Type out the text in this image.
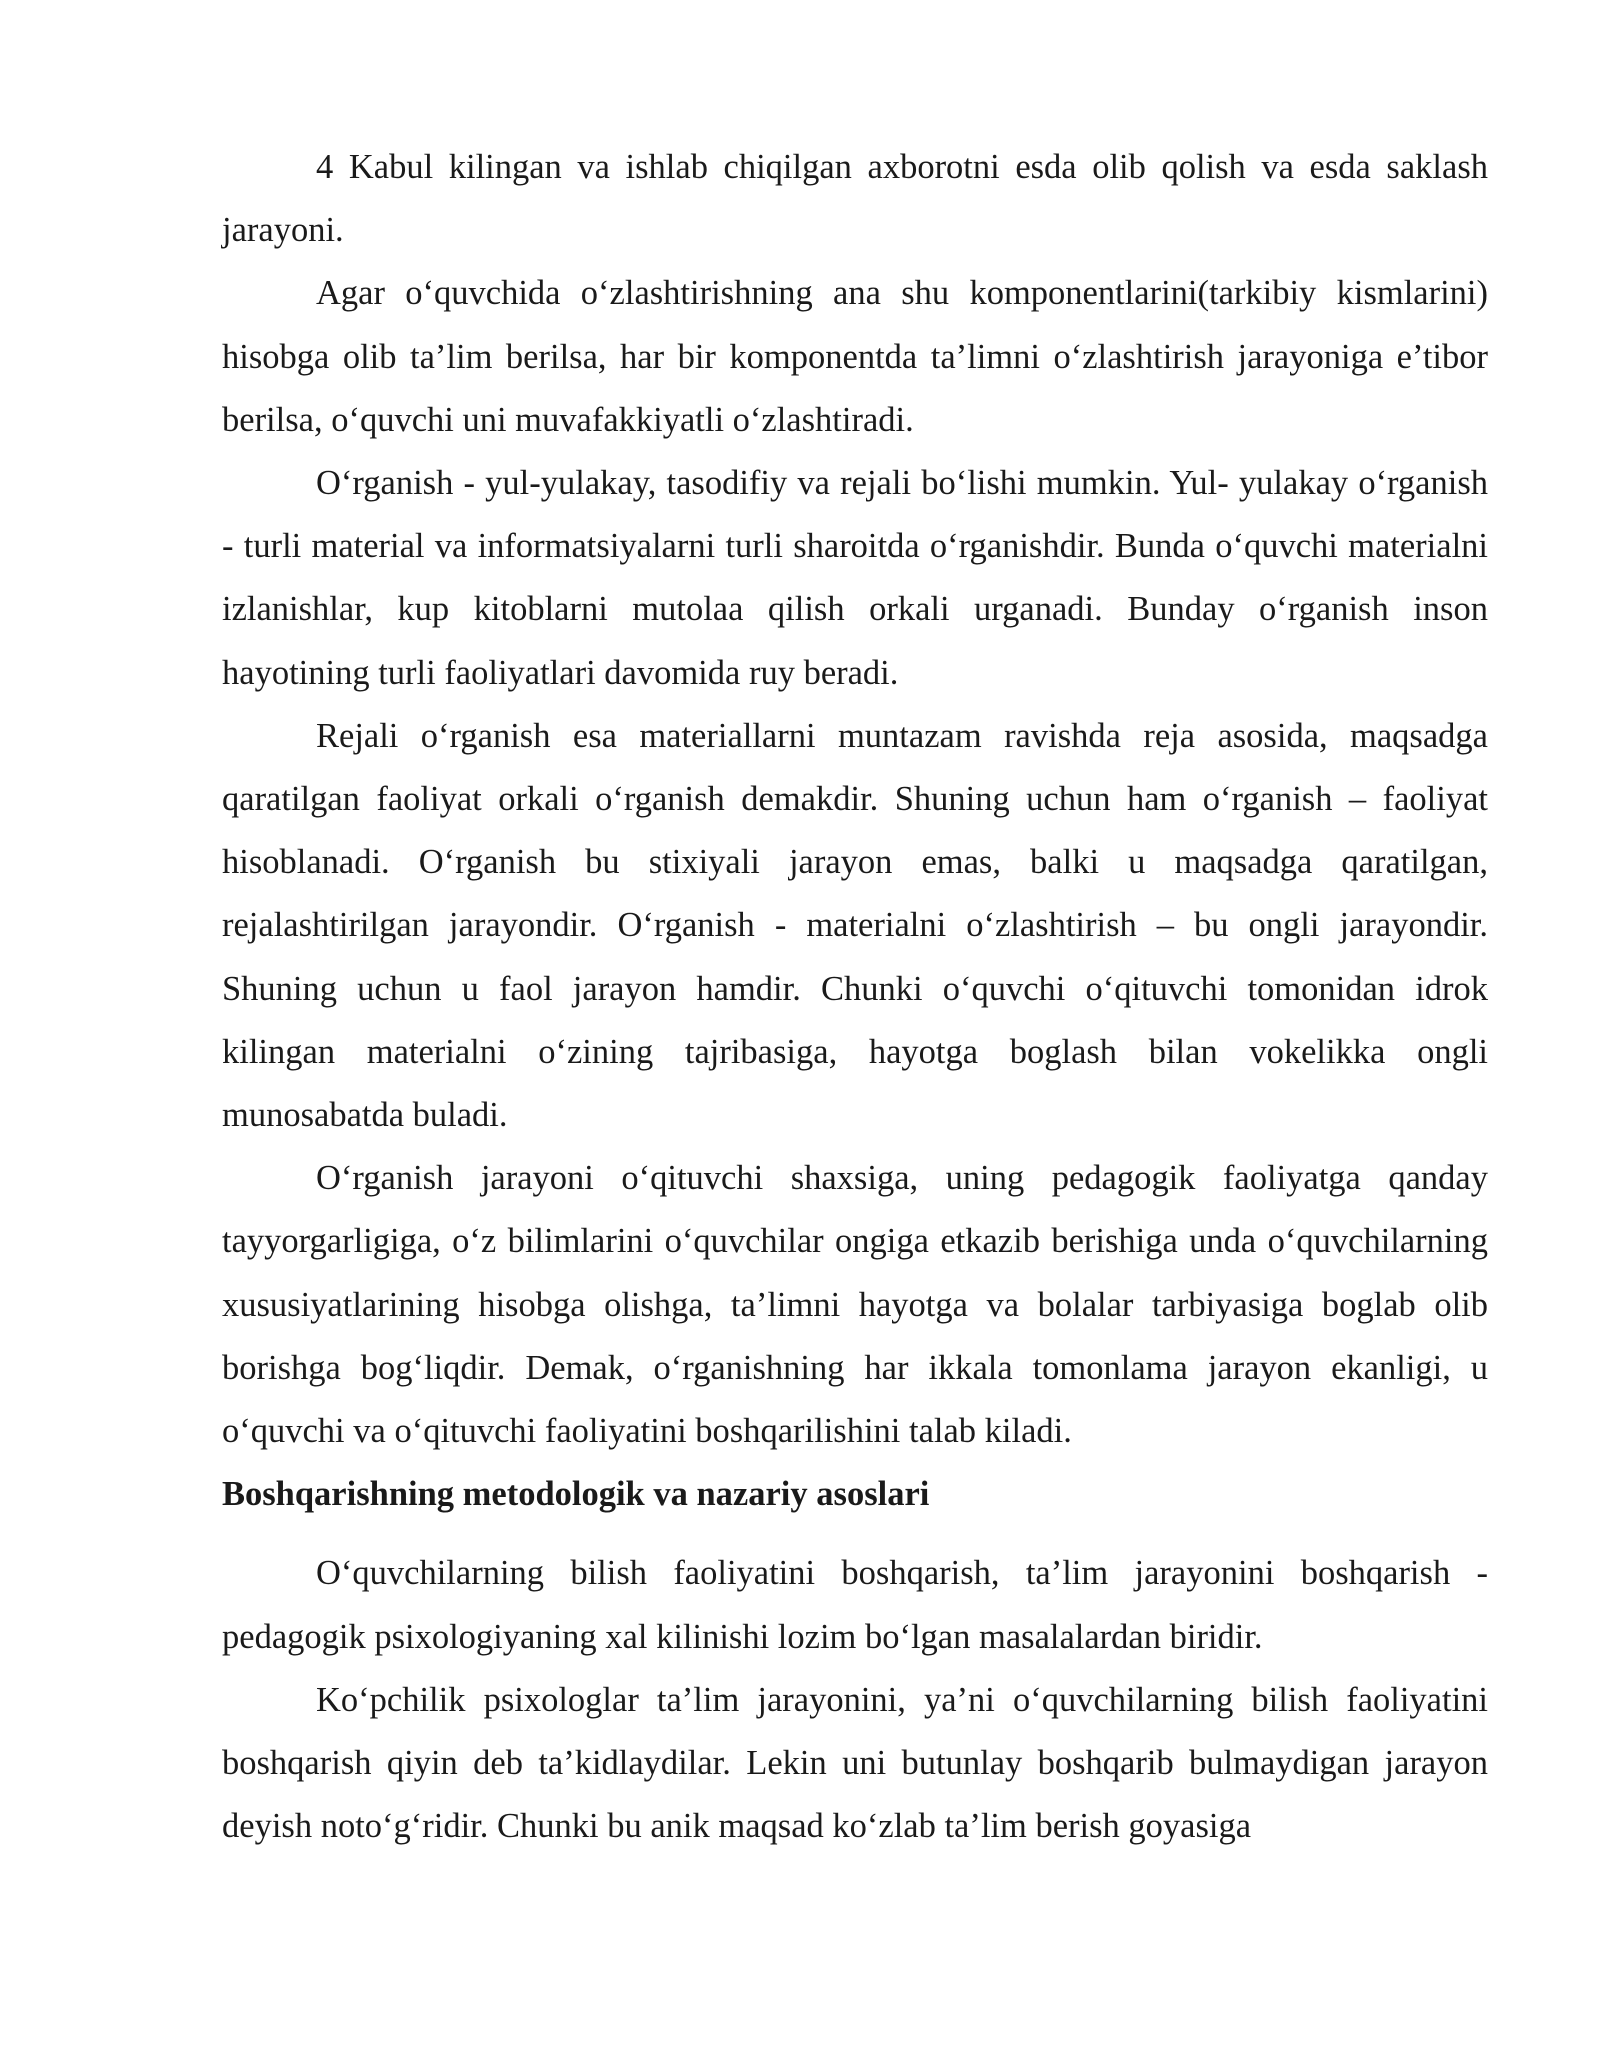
4 Kabul kilingan va ishlab chiqilgan axborotni esda olib qolish va esda saklash jarayoni.

Agar o‘quvchida o‘zlashtirishning ana shu komponentlarini(tarkibiy kismlarini) hisobga olib ta’lim berilsa, har bir komponentda ta’limni o‘zlashtirish jarayoniga e’tibor berilsa, o‘quvchi uni muvafakkiyatli o‘zlashtiradi.

O‘rganish - yul-yulakay, tasodifiy va rejali bo‘lishi mumkin. Yul- yulakay o‘rganish - turli material va informatsiyalarni turli sharoitda o‘rganishdir. Bunda o‘quvchi materialni izlanishlar, kup kitoblarni mutolaa qilish orkali urganadi. Bunday o‘rganish inson hayotining turli faoliyatlari davomida ruy beradi.

Rejali o‘rganish esa materiallarni muntazam ravishda reja asosida, maqsadga qaratilgan faoliyat orkali o‘rganish demakdir. Shuning uchun ham o‘rganish – faoliyat hisoblanadi. O‘rganish bu stixiyali jarayon emas, balki u maqsadga qaratilgan, rejalashtirilgan jarayondir. O‘rganish - materialni o‘zlashtirish – bu ongli jarayondir. Shuning uchun u faol jarayon hamdir. Chunki o‘quvchi o‘qituvchi tomonidan idrok kilingan materialni o‘zining tajribasiga, hayotga boglash bilan vokelikka ongli munosabatda buladi.

O‘rganish jarayoni o‘qituvchi shaxsiga, uning pedagogik faoliyatga qanday tayyorgarligiga, o‘z bilimlarini o‘quvchilar ongiga etkazib berishiga unda o‘quvchilarning xususiyatlarining hisobga olishga, ta’limni hayotga va bolalar tarbiyasiga boglab olib borishga bog‘liqdir. Demak, o‘rganishning har ikkala tomonlama jarayon ekanligi, u o‘quvchi va o‘qituvchi faoliyatini boshqarilishini talab kiladi.

Boshqarishning metodologik va nazariy asoslari

O‘quvchilarning bilish faoliyatini boshqarish, ta’lim jarayonini boshqarish - pedagogik psixologiyaning xal kilinishi lozim bo‘lgan masalalardan biridir.

Ko‘pchilik psixologlar ta’lim jarayonini, ya’ni o‘quvchilarning bilish faoliyatini boshqarish qiyin deb ta’kidlaydilar. Lekin uni butunlay boshqarib bulmaydigan jarayon deyish noto‘g‘ridir. Chunki bu anik maqsad ko‘zlab ta’lim berish goyasiga
